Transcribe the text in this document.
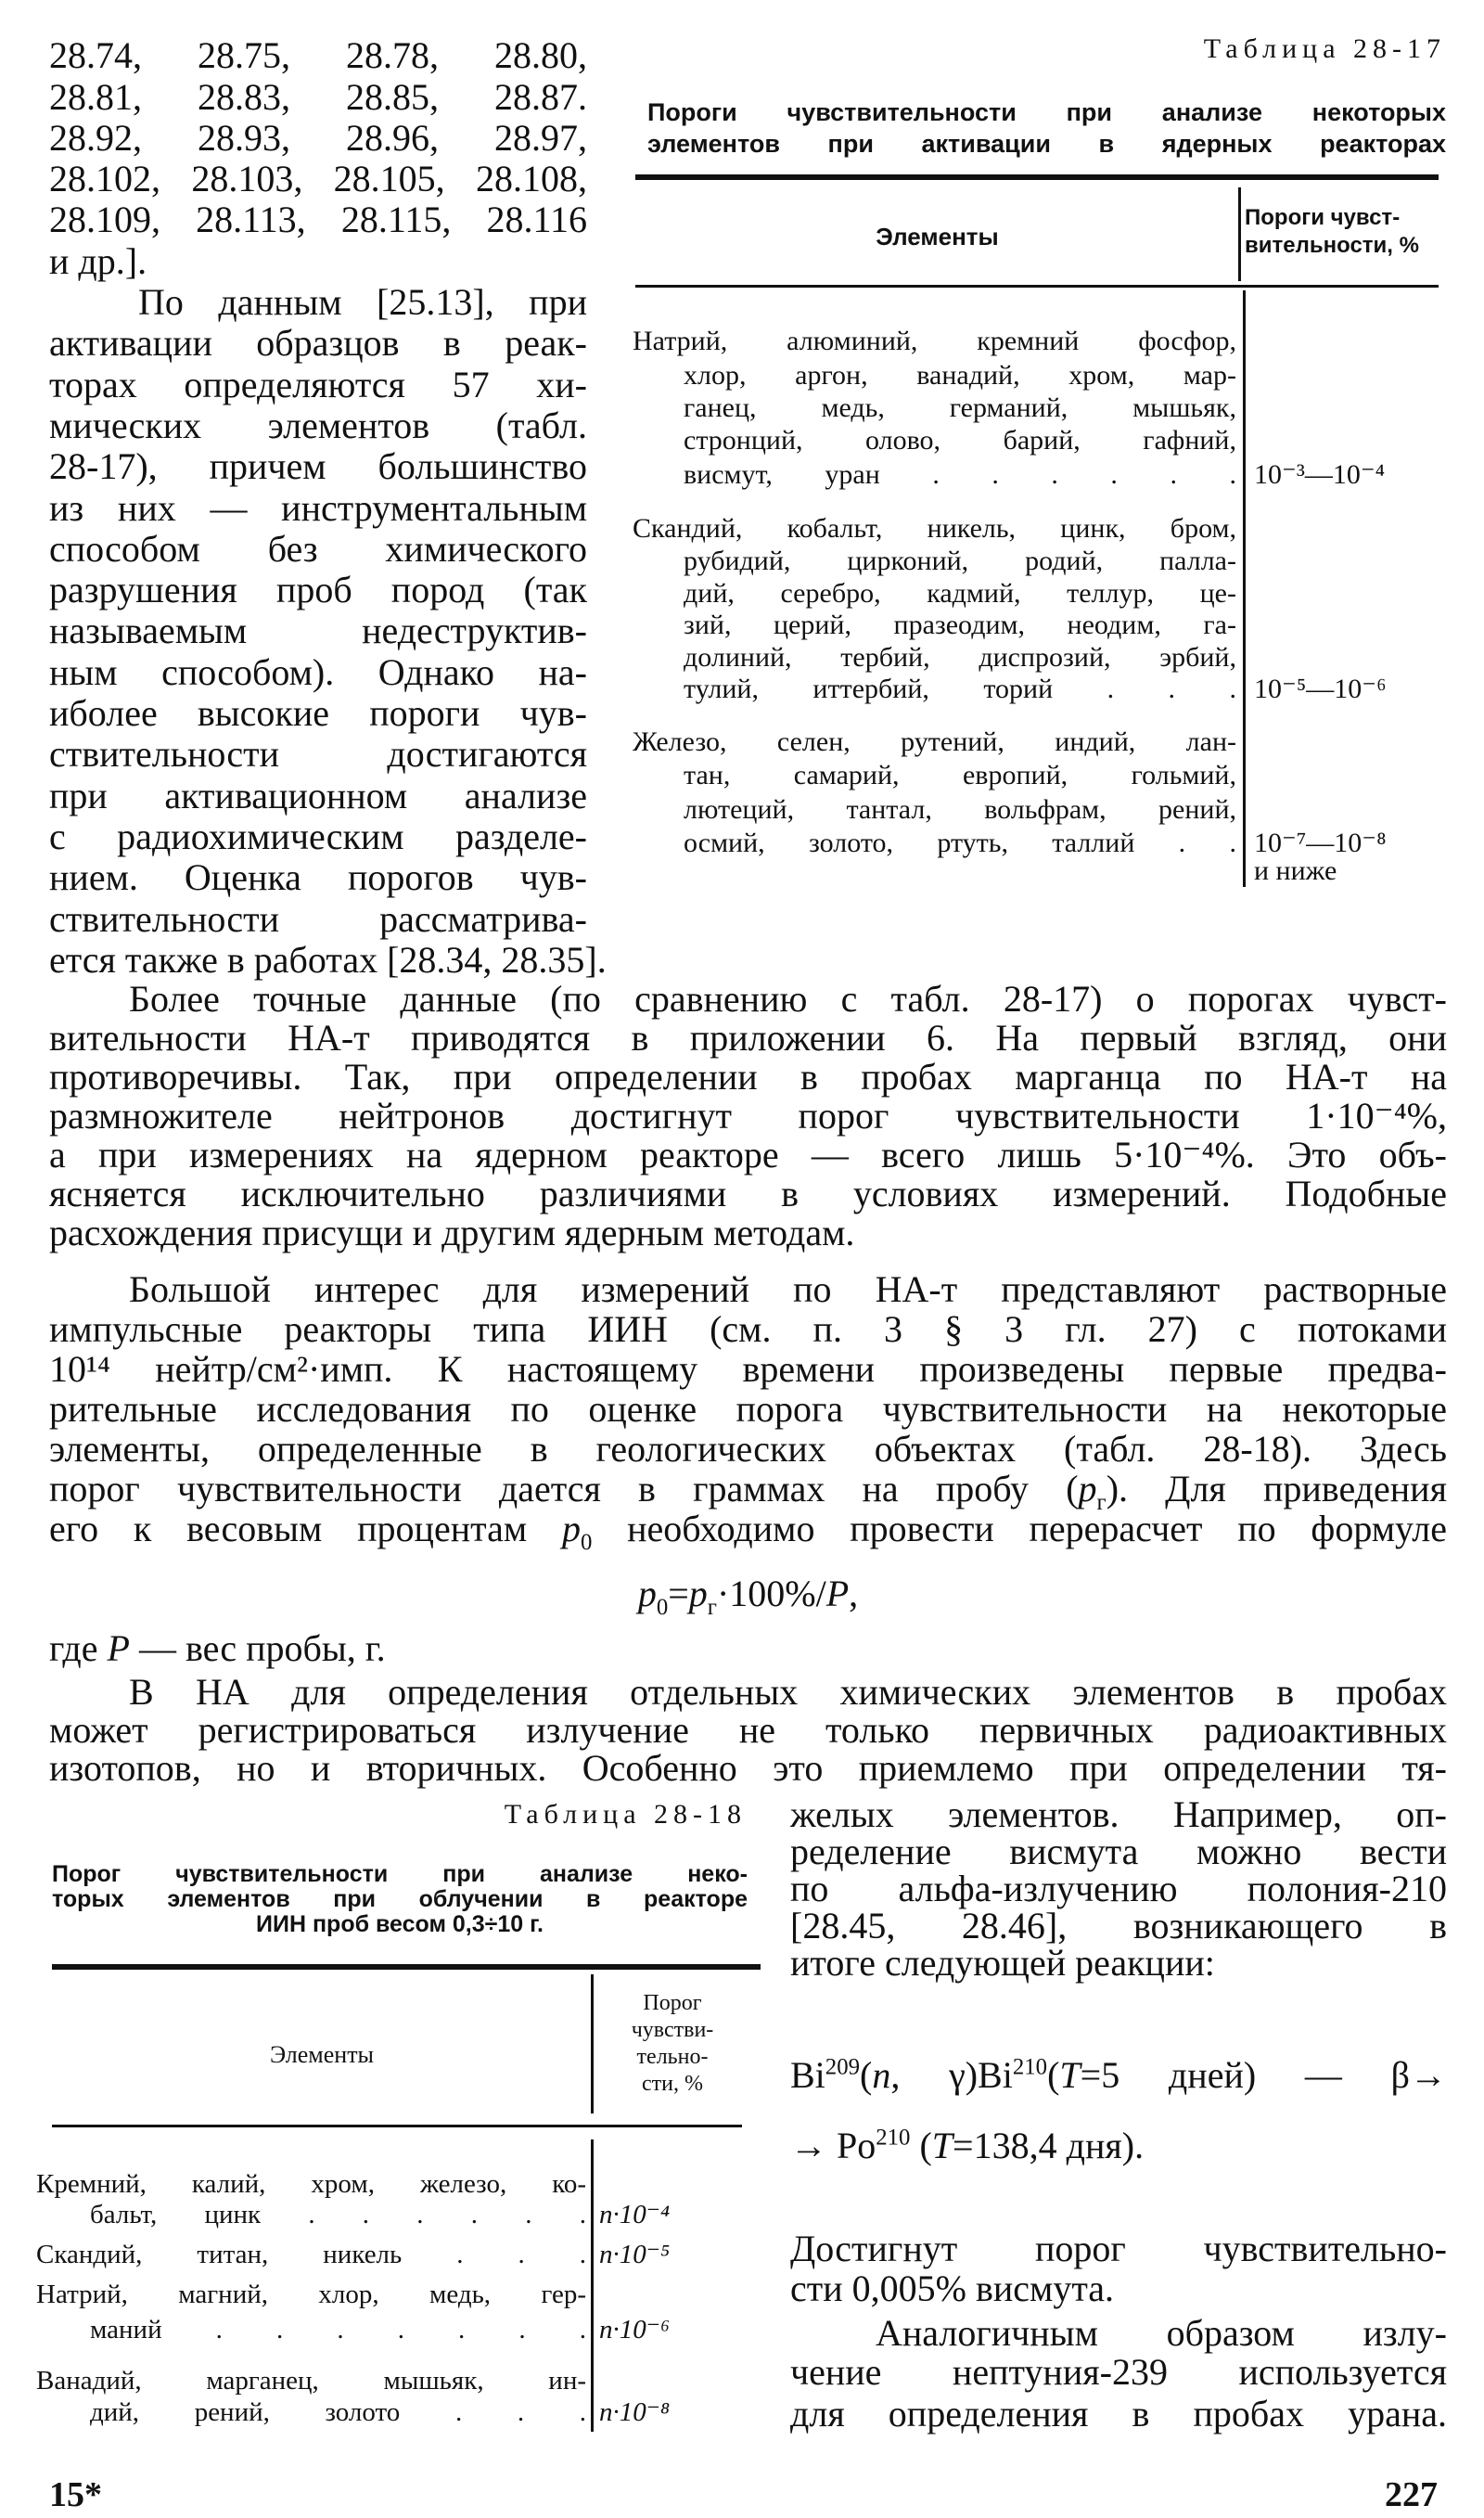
28.74, 28.75, 28.78, 28.80,
28.81, 28.83, 28.85, 28.87.
28.92, 28.93, 28.96, 28.97,
28.102, 28.103, 28.105, 28.108,
28.109, 28.113, 28.115, 28.116
и др.].
По данным [25.13], при
активации образцов в реак-
торах определяются 57 хи-
мических элементов (табл.
28-17), причем большинство
из них — инструментальным
способом без химического
разрушения проб пород (так
называемым недеструктив-
ным способом). Однако на-
иболее высокие пороги чув-
ствительности достигаются
при активационном анализе
с радиохимическим разделе-
нием. Оценка порогов чув-
ствительности рассматрива-
ется также в работах [28.34, 28.35].
Таблица 28-17
Пороги чувствительности при анализе некоторых
элементов при активации в ядерных реакторах
Элементы
Пороги чувст-
вительности, %
Натрий, алюминий, кремний фосфор,
хлор, аргон, ванадий, хром, мар-
ганец, медь, германий, мышьяк,
стронций, олово, барий, гафний,
висмут, уран . . . . . . 10⁻³—10⁻⁴
Скандий, кобальт, никель, цинк, бром,
рубидий, цирконий, родий, палла-
дий, серебро, кадмий, теллур, це-
зий, церий, празеодим, неодим, га-
долиний, тербий, диспрозий, эрбий,
тулий, иттербий, торий . . . 10⁻⁵—10⁻⁶
Железо, селен, рутений, индий, лан-
тан, самарий, европий, гольмий,
лютеций, тантал, вольфрам, рений,
осмий, золото, ртуть, таллий . . 10⁻⁷—10⁻⁸
и ниже
Более точные данные (по сравнению с табл. 28-17) о порогах чувст-
вительности НА-т приводятся в приложении 6. На первый взгляд, они
противоречивы. Так, при определении в пробах марганца по НА-т на
размножителе нейтронов достигнут порог чувствительности 1·10⁻⁴%,
а при измерениях на ядерном реакторе — всего лишь 5·10⁻⁴%. Это объ-
ясняется исключительно различиями в условиях измерений. Подобные
расхождения присущи и другим ядерным методам.
Большой интерес для измерений по НА-т представляют растворные
импульсные реакторы типа ИИН (см. п. 3 § 3 гл. 27) с потоками
10¹⁴ нейтр/см²·имп. К настоящему времени произведены первые предва-
рительные исследования по оценке порога чувствительности на некоторые
элементы, определенные в геологических объектах (табл. 28-18). Здесь
порог чувствительности дается в граммах на пробу $(p_г)$. Для приведения
его к весовым процентам $p_0$ необходимо провести перерасчет по формуле
$p_0=p_г\cdot 100\%/P$,
где P — вес пробы, г.
В НА для определения отдельных химических элементов в пробах
может регистрироваться излучение не только первичных радиоактивных
изотопов, но и вторичных. Особенно это приемлемо при определении тя-
желых элементов. Например, оп-
ределение висмута можно вести
по альфа-излучению полония-210
[28.45, 28.46], возникающего в
итоге следующей реакции:
Bi$^{209}$(n, $\gamma)Bi^{210}(T=5$ дней) — β→
→ $Po^{210}$ (T=138,4 дня).
Достигнут порог чувствительно-
сти 0,005% висмута.
Аналогичным образом излу-
чение нептуния-239 используется
для определения в пробах урана.
Таблица 28-18
Порог чувствительности при анализе неко-
торых элементов при облучении в реакторе
ИИН проб весом 0,3÷10 г.
Элементы
Порог
чувстви-
тельно-
сти, %
Кремний, калий, хром, железо, ко-
бальт, цинк . . . . . . n·10⁻⁴
Скандий, титан, никель . . . n·10⁻⁵
Натрий, магний, хлор, медь, гер-
маний . . . . . . . n·10⁻⁶
Ванадий, марганец, мышьяк, ин-
дий, рений, золото . . . n·10⁻⁸
15*	227
